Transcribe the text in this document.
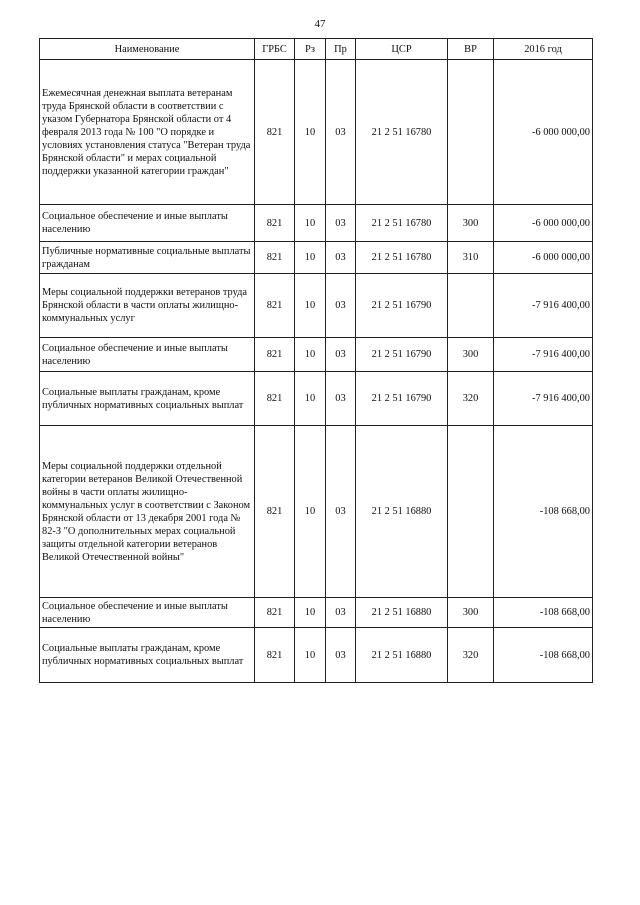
47
Наименование	ГРБС	Рз	Пр	ЦСР	ВР	2016 год
Ежемесячная денежная выплата ветеранам труда Брянской области в соответствии с указом Губернатора Брянской области от 4 февраля 2013 года № 100 "О порядке и условиях установления статуса "Ветеран труда Брянской области" и мерах социальной поддержки указанной категории граждан"	821	10	03	21 2 51 16780		-6 000 000,00
Социальное обеспечение и иные выплаты населению	821	10	03	21 2 51 16780	300	-6 000 000,00
Публичные нормативные социальные выплаты гражданам	821	10	03	21 2 51 16780	310	-6 000 000,00
Меры социальной поддержки ветеранов труда Брянской области в части оплаты жилищно-коммунальных услуг	821	10	03	21 2 51 16790		-7 916 400,00
Социальное обеспечение и иные выплаты населению	821	10	03	21 2 51 16790	300	-7 916 400,00
Социальные выплаты гражданам, кроме публичных нормативных социальных выплат	821	10	03	21 2 51 16790	320	-7 916 400,00
Меры социальной поддержки отдельной категории ветеранов Великой Отечественной войны в части оплаты жилищно-коммунальных услуг в соответствии с Законом Брянской области от 13 декабря 2001 года № 82-З "О дополнительных мерах социальной защиты отдельной категории ветеранов Великой Отечественной войны"	821	10	03	21 2 51 16880		-108 668,00
Социальное обеспечение и иные выплаты населению	821	10	03	21 2 51 16880	300	-108 668,00
Социальные выплаты гражданам, кроме публичных нормативных социальных выплат	821	10	03	21 2 51 16880	320	-108 668,00
